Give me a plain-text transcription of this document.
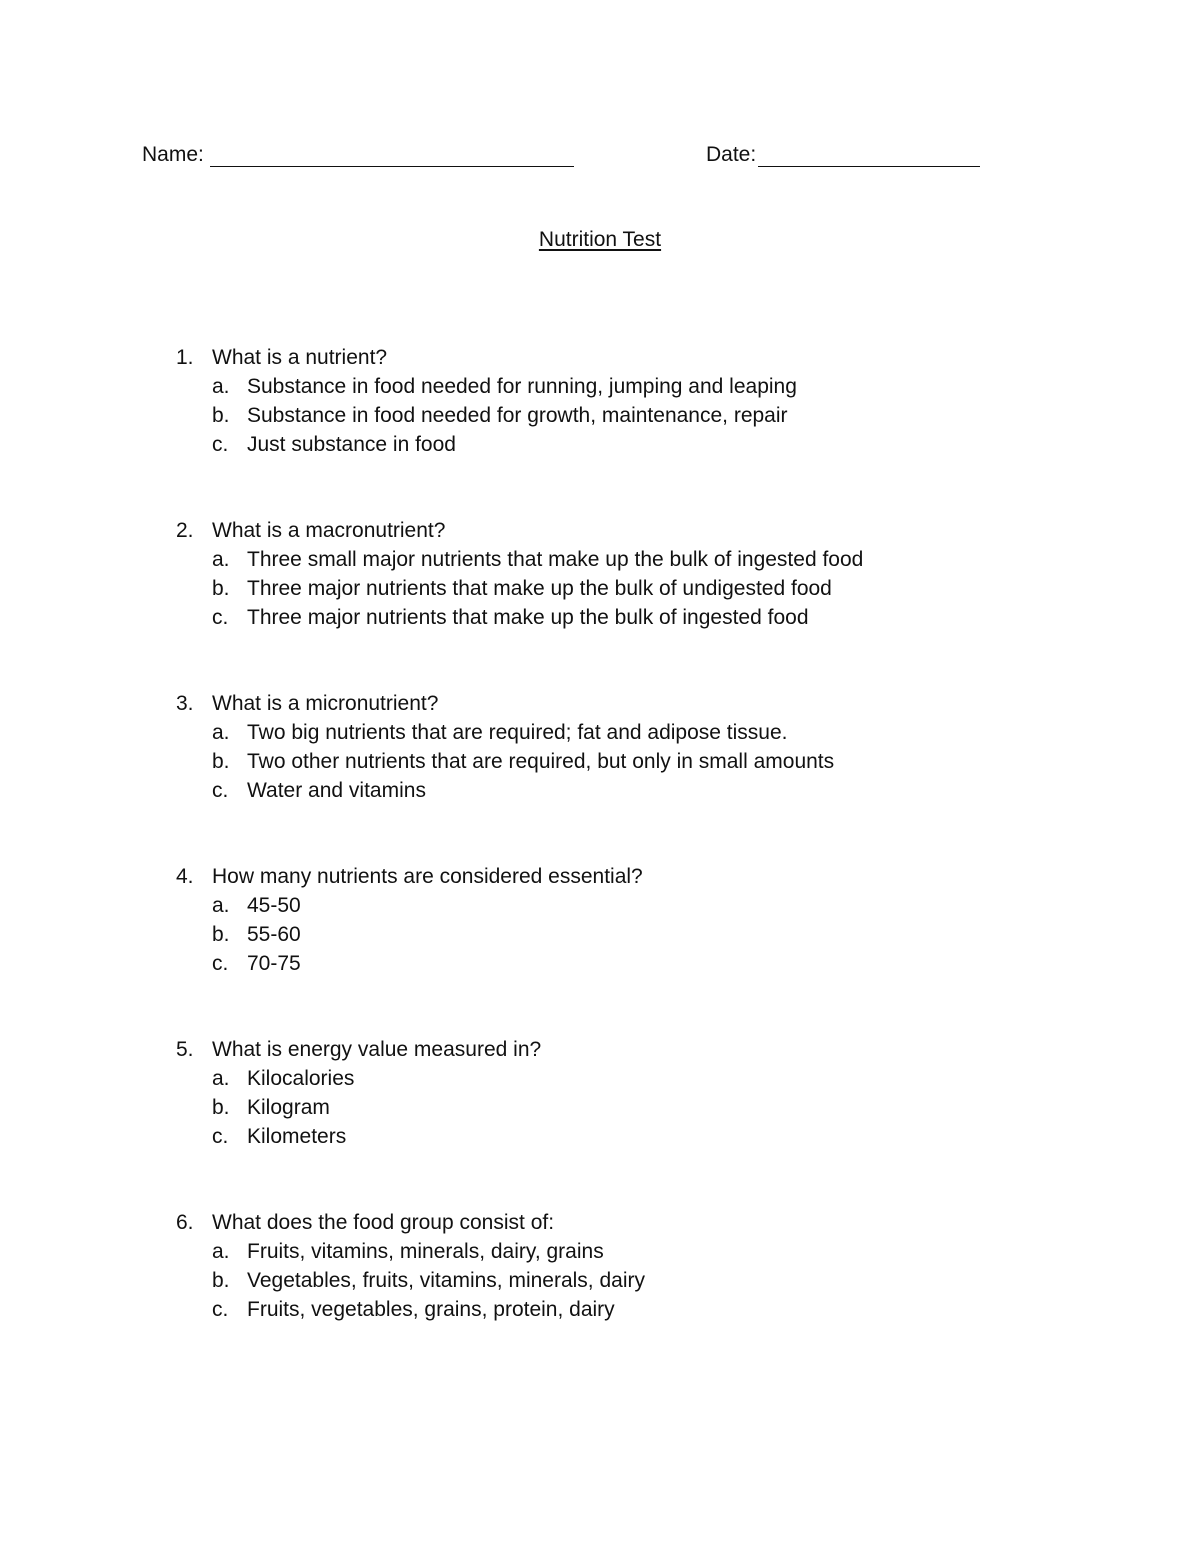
Name:	Date:
Nutrition Test
1. What is a nutrient?
a. Substance in food needed for running, jumping and leaping
b. Substance in food needed for growth, maintenance, repair
c. Just substance in food
2. What is a macronutrient?
a. Three small major nutrients that make up the bulk of ingested food
b. Three major nutrients that make up the bulk of undigested food
c. Three major nutrients that make up the bulk of ingested food
3. What is a micronutrient?
a. Two big nutrients that are required; fat and adipose tissue.
b. Two other nutrients that are required, but only in small amounts
c. Water and vitamins
4. How many nutrients are considered essential?
a. 45-50
b. 55-60
c. 70-75
5. What is energy value measured in?
a. Kilocalories
b. Kilogram
c. Kilometers
6. What does the food group consist of:
a. Fruits, vitamins, minerals, dairy, grains
b. Vegetables, fruits, vitamins, minerals, dairy
c. Fruits, vegetables, grains, protein, dairy
